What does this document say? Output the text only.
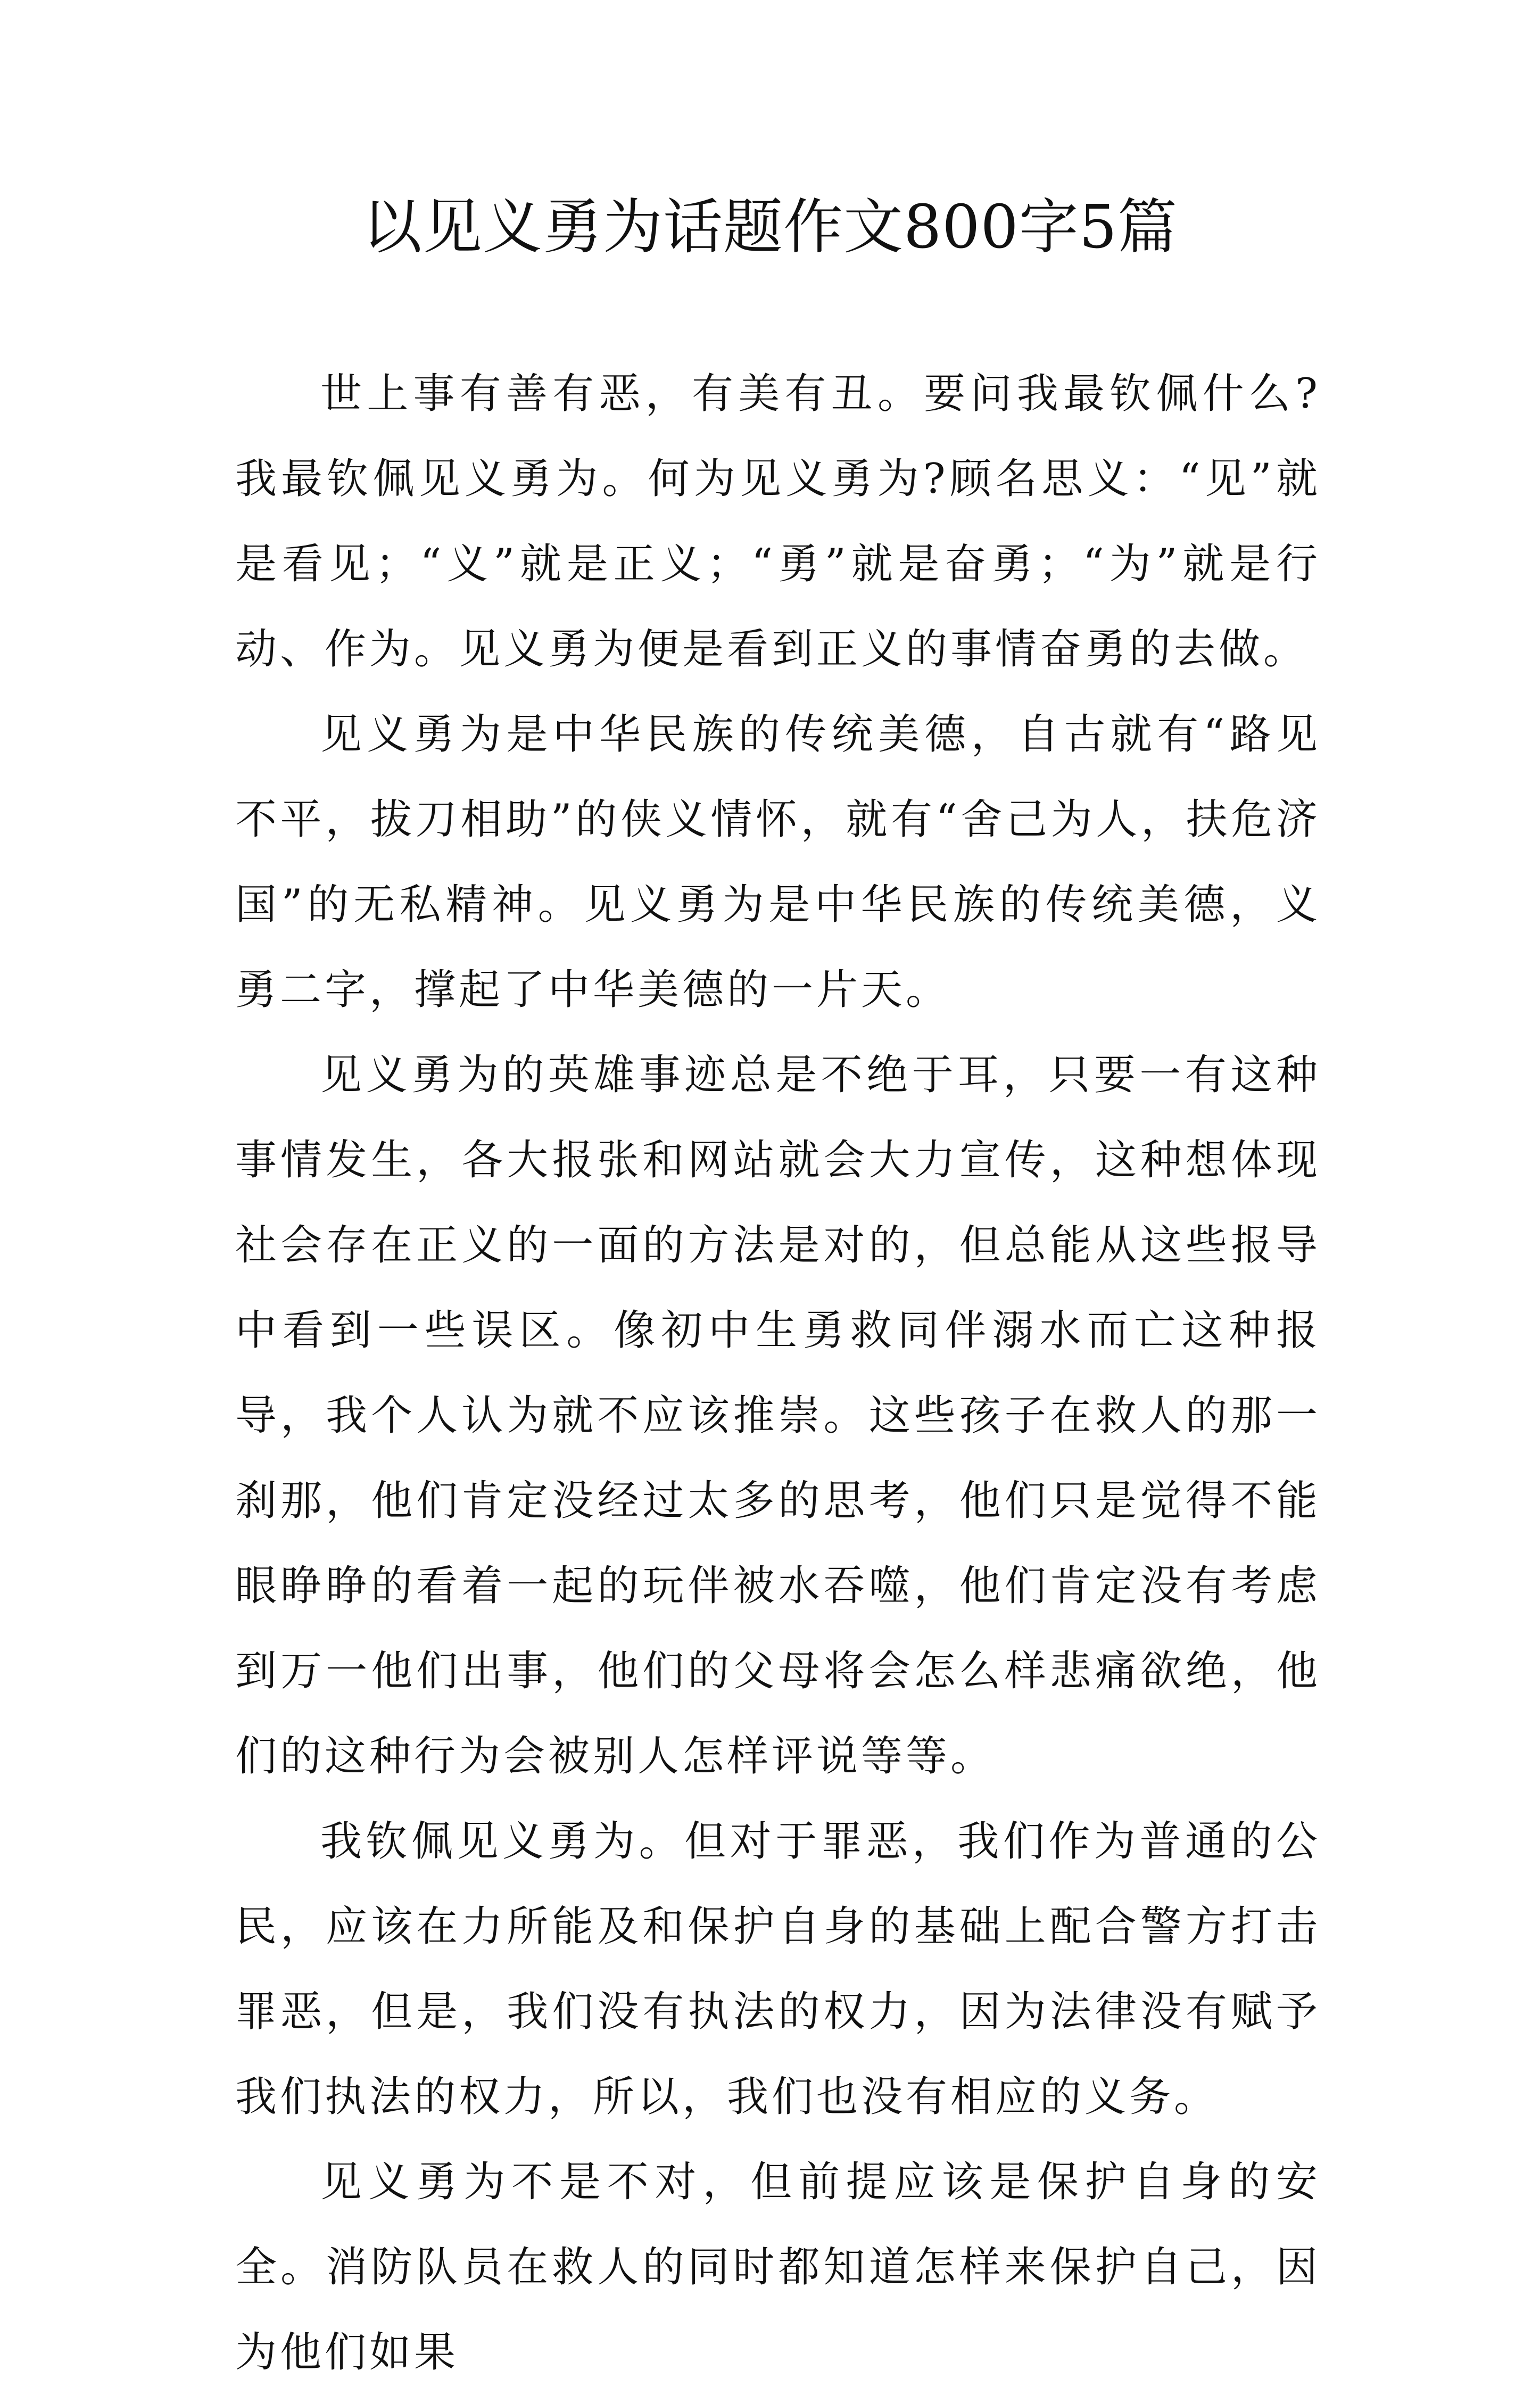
以见义勇为话题作文800字5篇

世上事有善有恶，有美有丑。要问我最钦佩什么?我最钦佩见义勇为。何为见义勇为?顾名思义：“见”就是看见；“义”就是正义；“勇”就是奋勇；“为”就是行动、作为。见义勇为便是看到正义的事情奋勇的去做。

见义勇为是中华民族的传统美德，自古就有“路见不平，拔刀相助”的侠义情怀，就有“舍己为人，扶危济国”的无私精神。见义勇为是中华民族的传统美德，义勇二字，撑起了中华美德的一片天。

见义勇为的英雄事迹总是不绝于耳，只要一有这种事情发生，各大报张和网站就会大力宣传，这种想体现社会存在正义的一面的方法是对的，但总能从这些报导中看到一些误区。像初中生勇救同伴溺水而亡这种报导，我个人认为就不应该推崇。这些孩子在救人的那一刹那，他们肯定没经过太多的思考，他们只是觉得不能眼睁睁的看着一起的玩伴被水吞噬，他们肯定没有考虑到万一他们出事，他们的父母将会怎么样悲痛欲绝，他们的这种行为会被别人怎样评说等等。

我钦佩见义勇为。但对于罪恶，我们作为普通的公民，应该在力所能及和保护自身的基础上配合警方打击罪恶，但是，我们没有执法的权力，因为法律没有赋予我们执法的权力，所以，我们也没有相应的义务。

见义勇为不是不对，但前提应该是保护自身的安全。消防队员在救人的同时都知道怎样来保护自己，因为他们如果
